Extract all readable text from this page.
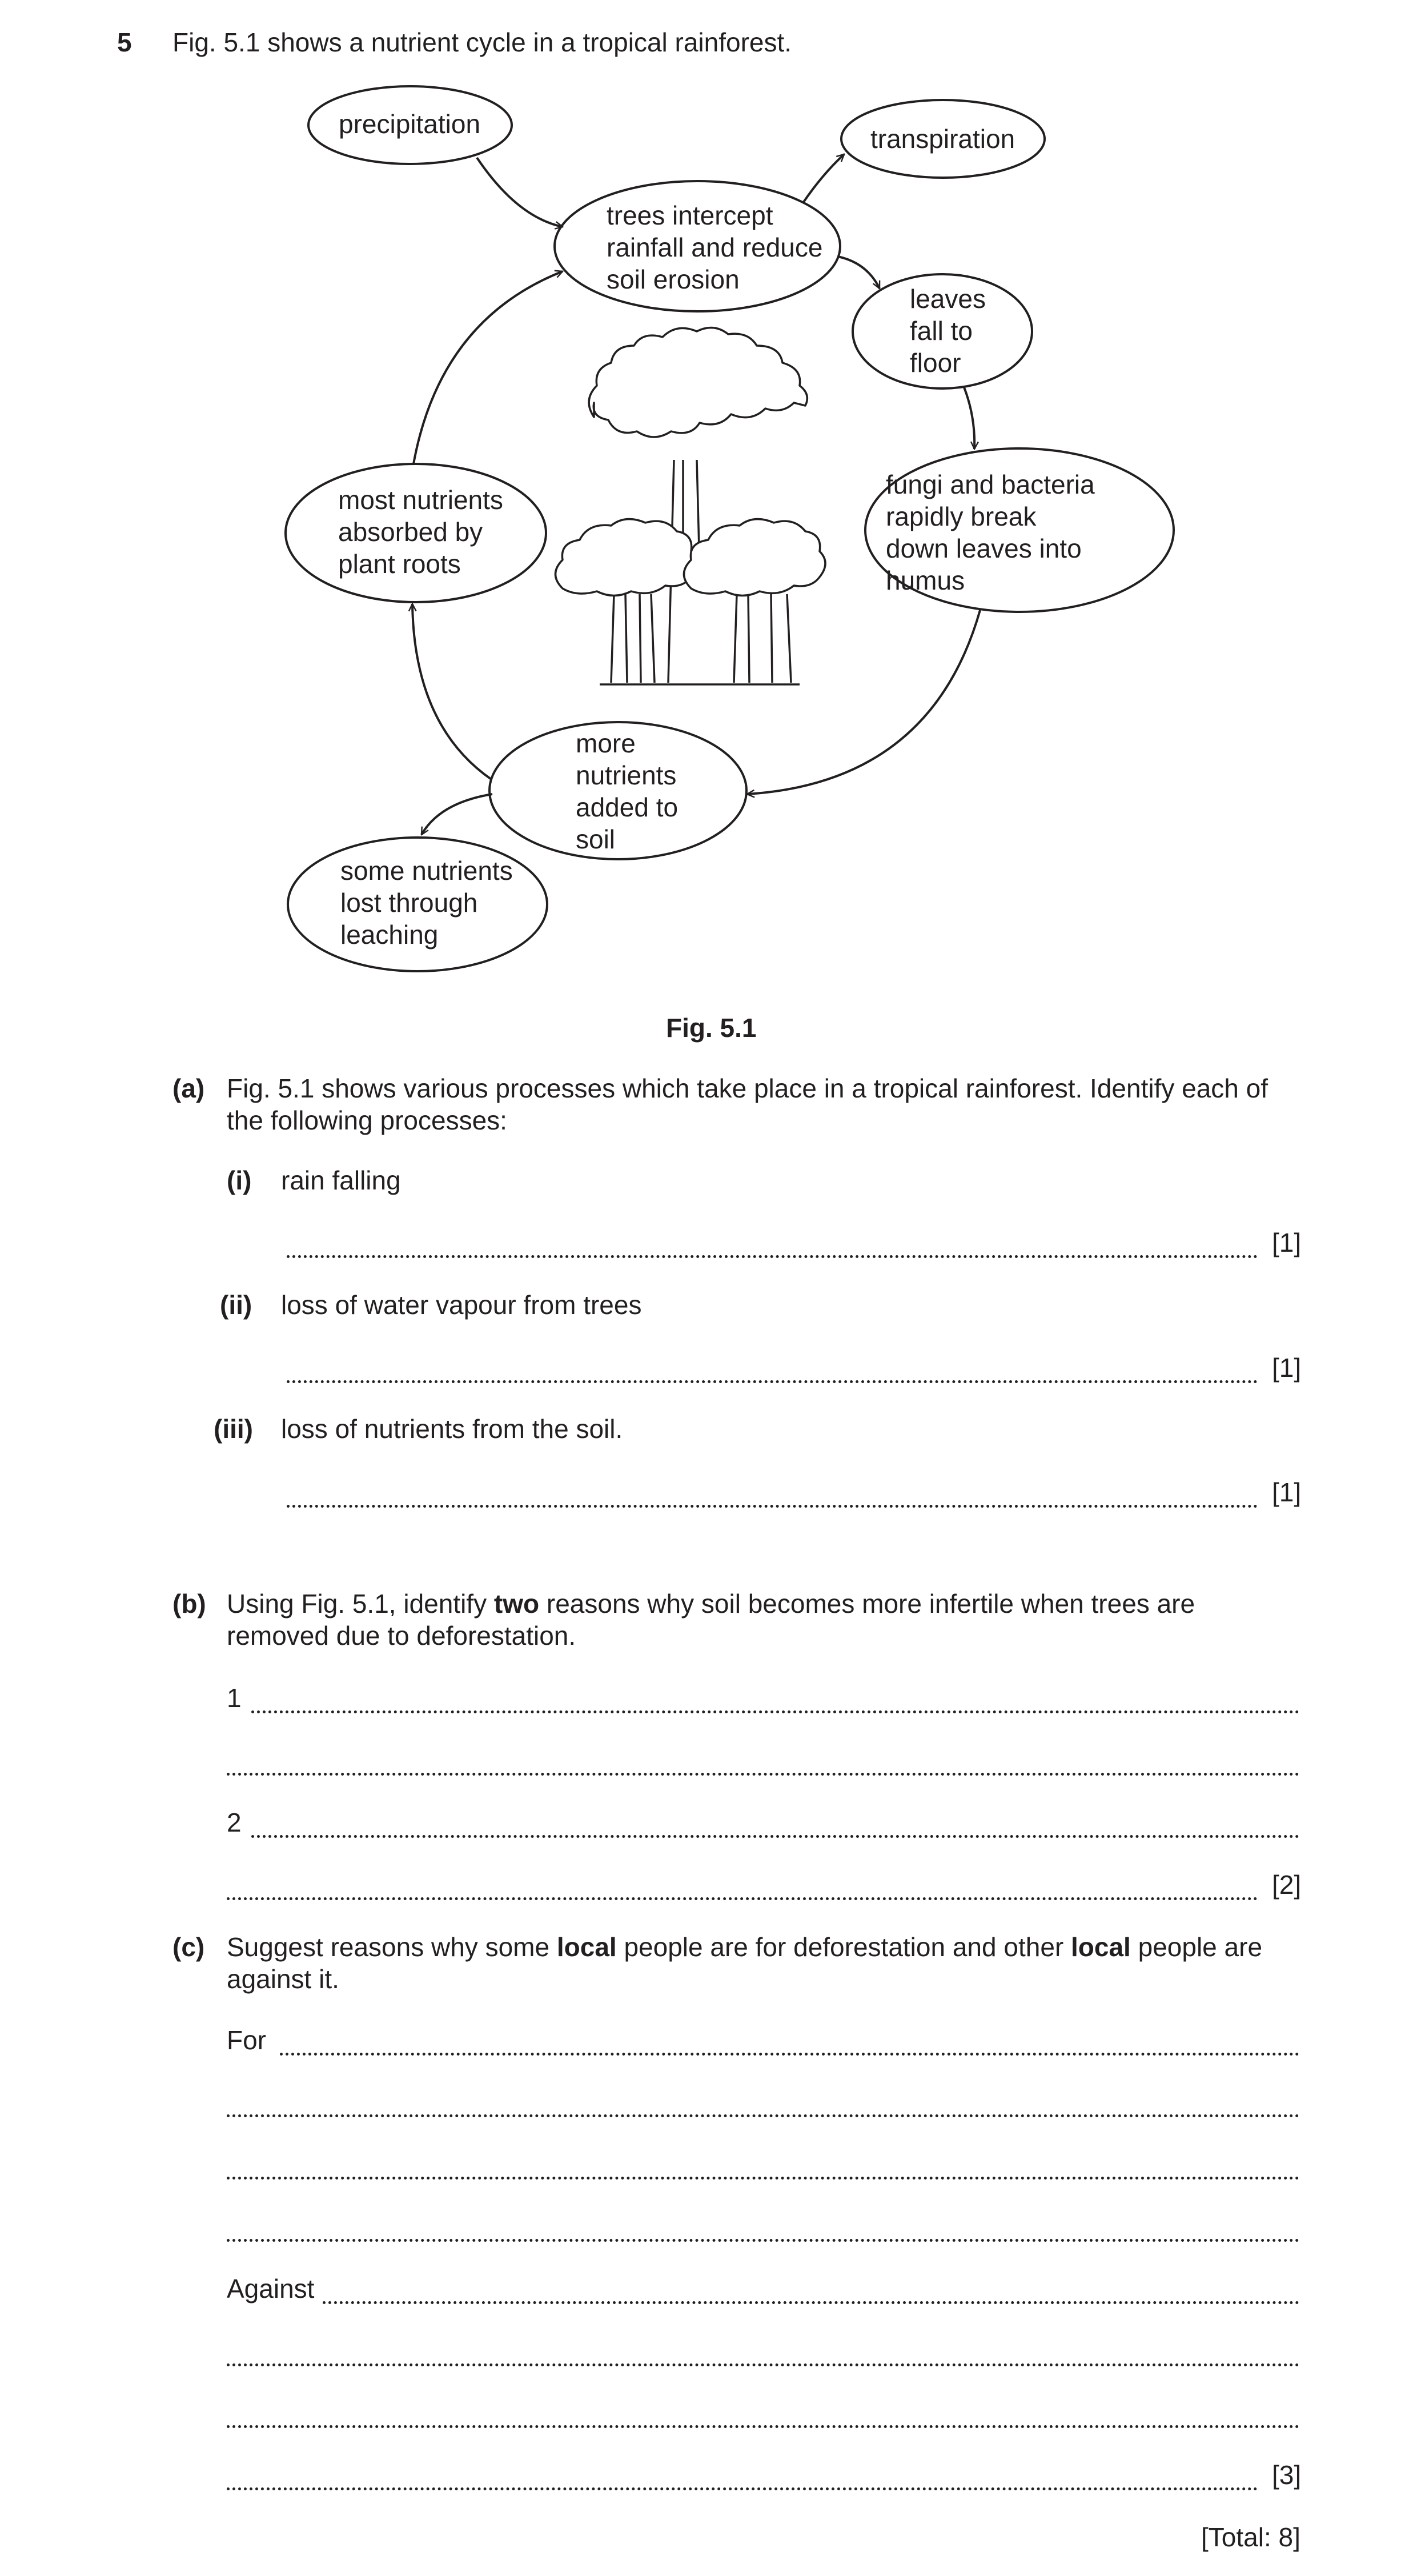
5 Fig. 5.1 shows a nutrient cycle in a tropical rainforest.
precipitation	transpiration
trees intercept rainfall and reduce soil erosion
leaves fall to floor
fungi and bacteria rapidly break down leaves into humus
most nutrients absorbed by plant roots
more nutrients added to soil
some nutrients lost through leaching
Fig. 5.1
(a) Fig. 5.1 shows various processes which take place in a tropical rainforest. Identify each of the following processes:
(i) rain falling
[1]
(ii) loss of water vapour from trees
[1]
(iii) loss of nutrients from the soil.
[1]
(b) Using Fig. 5.1, identify two reasons why soil becomes more infertile when trees are removed due to deforestation.
1
2
[2]
(c) Suggest reasons why some local people are for deforestation and other local people are against it.
For
Against
[3]
[Total: 8]
